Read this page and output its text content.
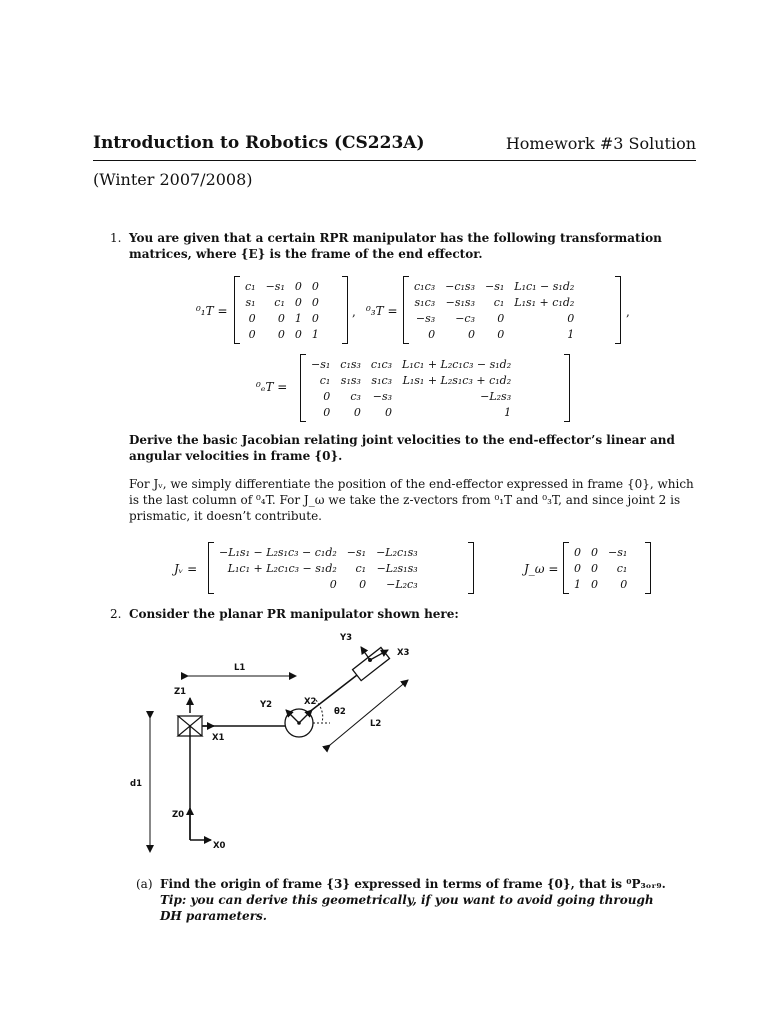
Introduction to Robotics (CS223A)	Homework #3 Solution
(Winter 2007/2008)
1. You are given that a certain RPR manipulator has the following transformation
matrices, where {E} is the frame of the end effector.
⁰₁T =
c₁	−s₁	0	0
s₁	c₁	0	0
0	0	1	0
0	0	0	1
, ⁰₃T =
c₁c₃	−c₁s₃	−s₁	L₁c₁ − s₁d₂
s₁c₃	−s₁s₃	c₁	L₁s₁ + c₁d₂
−s₃	−c₃	0	0
0	0	0	1
,
⁰ₑT =
−s₁	c₁s₃	c₁c₃	L₁c₁ + L₂c₁c₃ − s₁d₂
c₁	s₁s₃	s₁c₃	L₁s₁ + L₂s₁c₃ + c₁d₂
0	c₃	−s₃	−L₂s₃
0	0	0	1
Derive the basic Jacobian relating joint velocities to the end-effector’s linear and
angular velocities in frame {0}.
For Jᵥ, we simply differentiate the position of the end-effector expressed in frame {0}, which
is the last column of ⁰₄T. For J_ω we take the z-vectors from ⁰₁T and ⁰₃T, and since joint 2 is
prismatic, it doesn’t contribute.
Jᵥ =
−L₁s₁ − L₂s₁c₃ − c₁d₂	−s₁	−L₂c₁s₃
L₁c₁ + L₂c₁c₃ − s₁d₂	c₁	−L₂s₁s₃
0	0	−L₂c₃
J_ω =
0	0	−s₁
0	0	c₁
1	0	0
2. Consider the planar PR manipulator shown here:
Z0
X0
Z1
X1
L1
d1
Y2	X2
θ2
L2
Y3
X3
(a) Find the origin of frame {3} expressed in terms of frame {0}, that is ⁰P₃ₒᵣ₉.
Tip: you can derive this geometrically, if you want to avoid going through
DH parameters.
